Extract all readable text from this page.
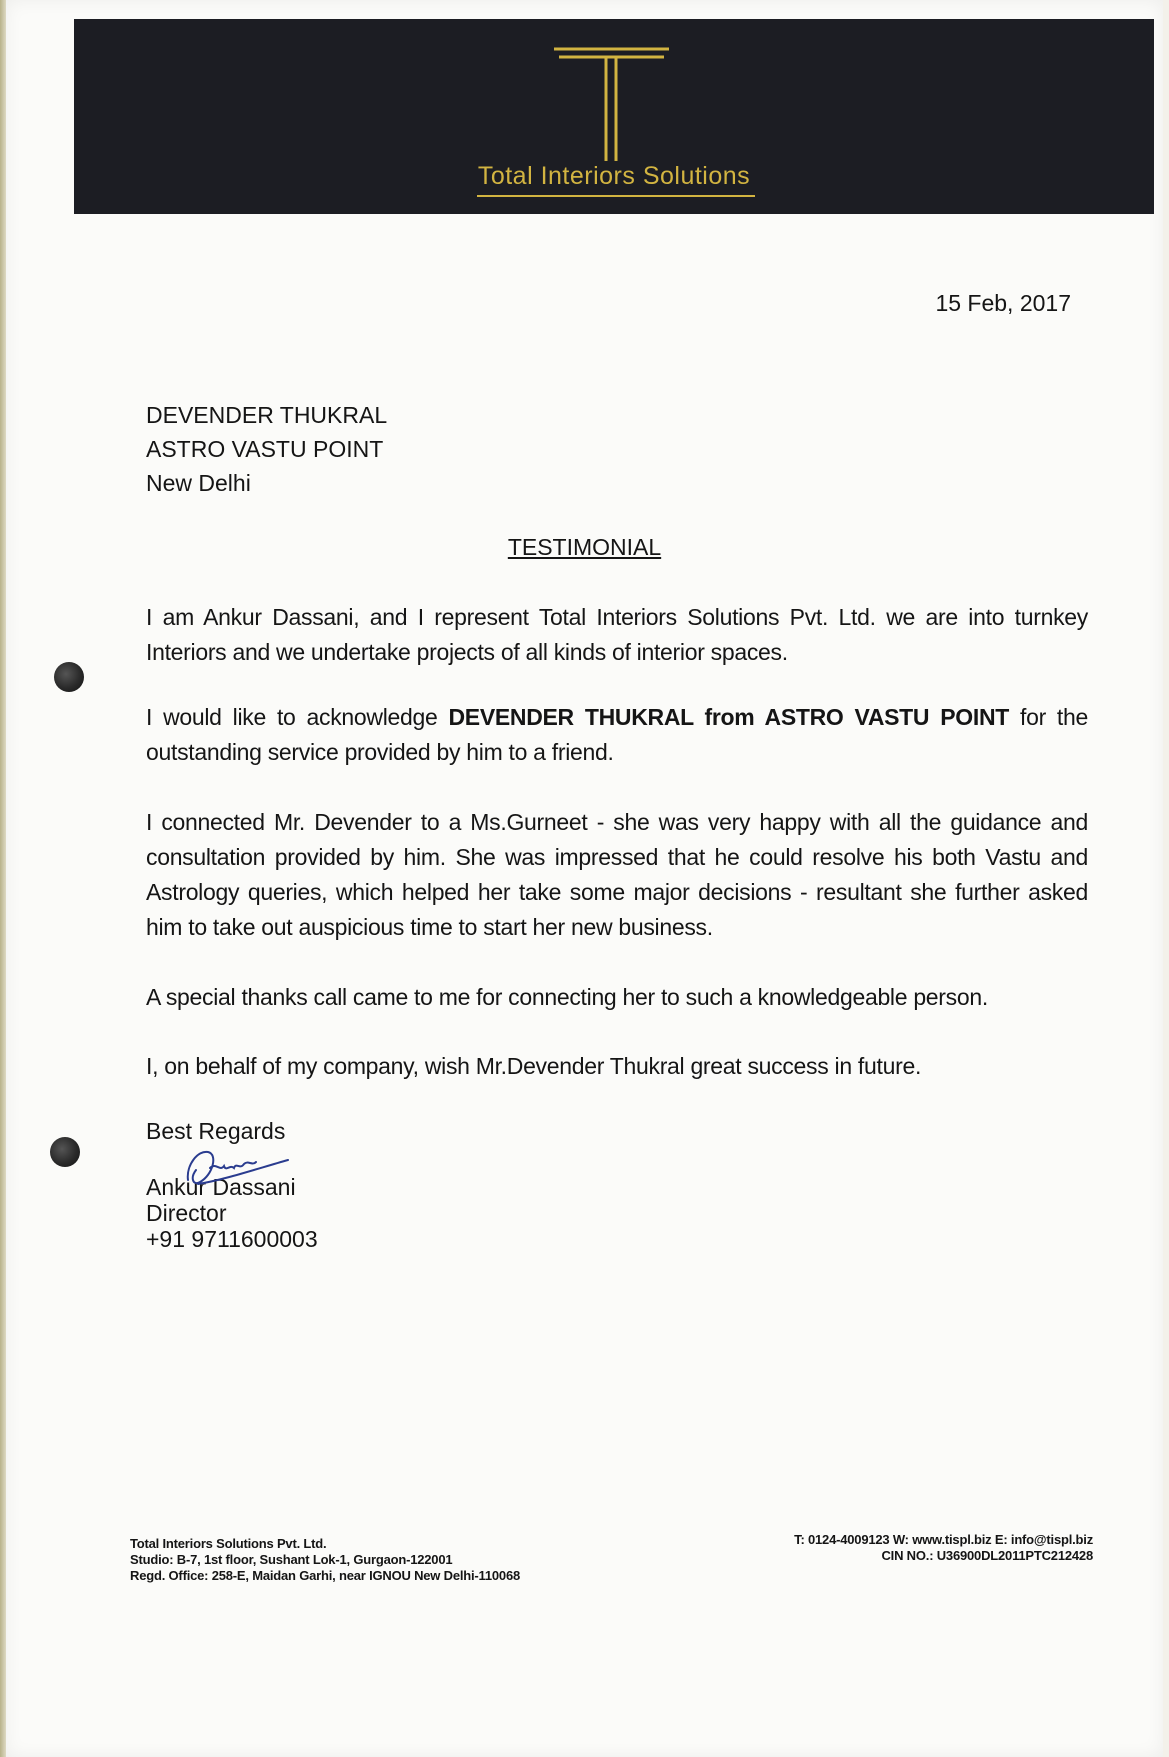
Total Interiors Solutions
15 Feb, 2017
DEVENDER THUKRAL
ASTRO VASTU POINT
New Delhi
TESTIMONIAL

I am Ankur Dassani, and I represent Total Interiors Solutions Pvt. Ltd. we are into turnkey Interiors and we undertake projects of all kinds of interior spaces.

I would like to acknowledge DEVENDER THUKRAL from ASTRO VASTU POINT for the outstanding service provided by him to a friend.

I connected Mr. Devender to a Ms.Gurneet - she was very happy with all the guidance and consultation provided by him. She was impressed that he could resolve his both Vastu and Astrology queries, which helped her take some major decisions - resultant she further asked him to take out auspicious time to start her new business.

A special thanks call came to me for connecting her to such a knowledgeable person.

I, on behalf of my company, wish Mr.Devender Thukral great success in future.

Best Regards
Ankur Dassani
Director
+91 9711600003
Total Interiors Solutions Pvt. Ltd.
Studio: B-7, 1st floor, Sushant Lok-1, Gurgaon-122001
Regd. Office: 258-E, Maidan Garhi, near IGNOU New Delhi-110068
T: 0124-4009123 W: www.tispl.biz E: info@tispl.biz
CIN NO.: U36900DL2011PTC212428
